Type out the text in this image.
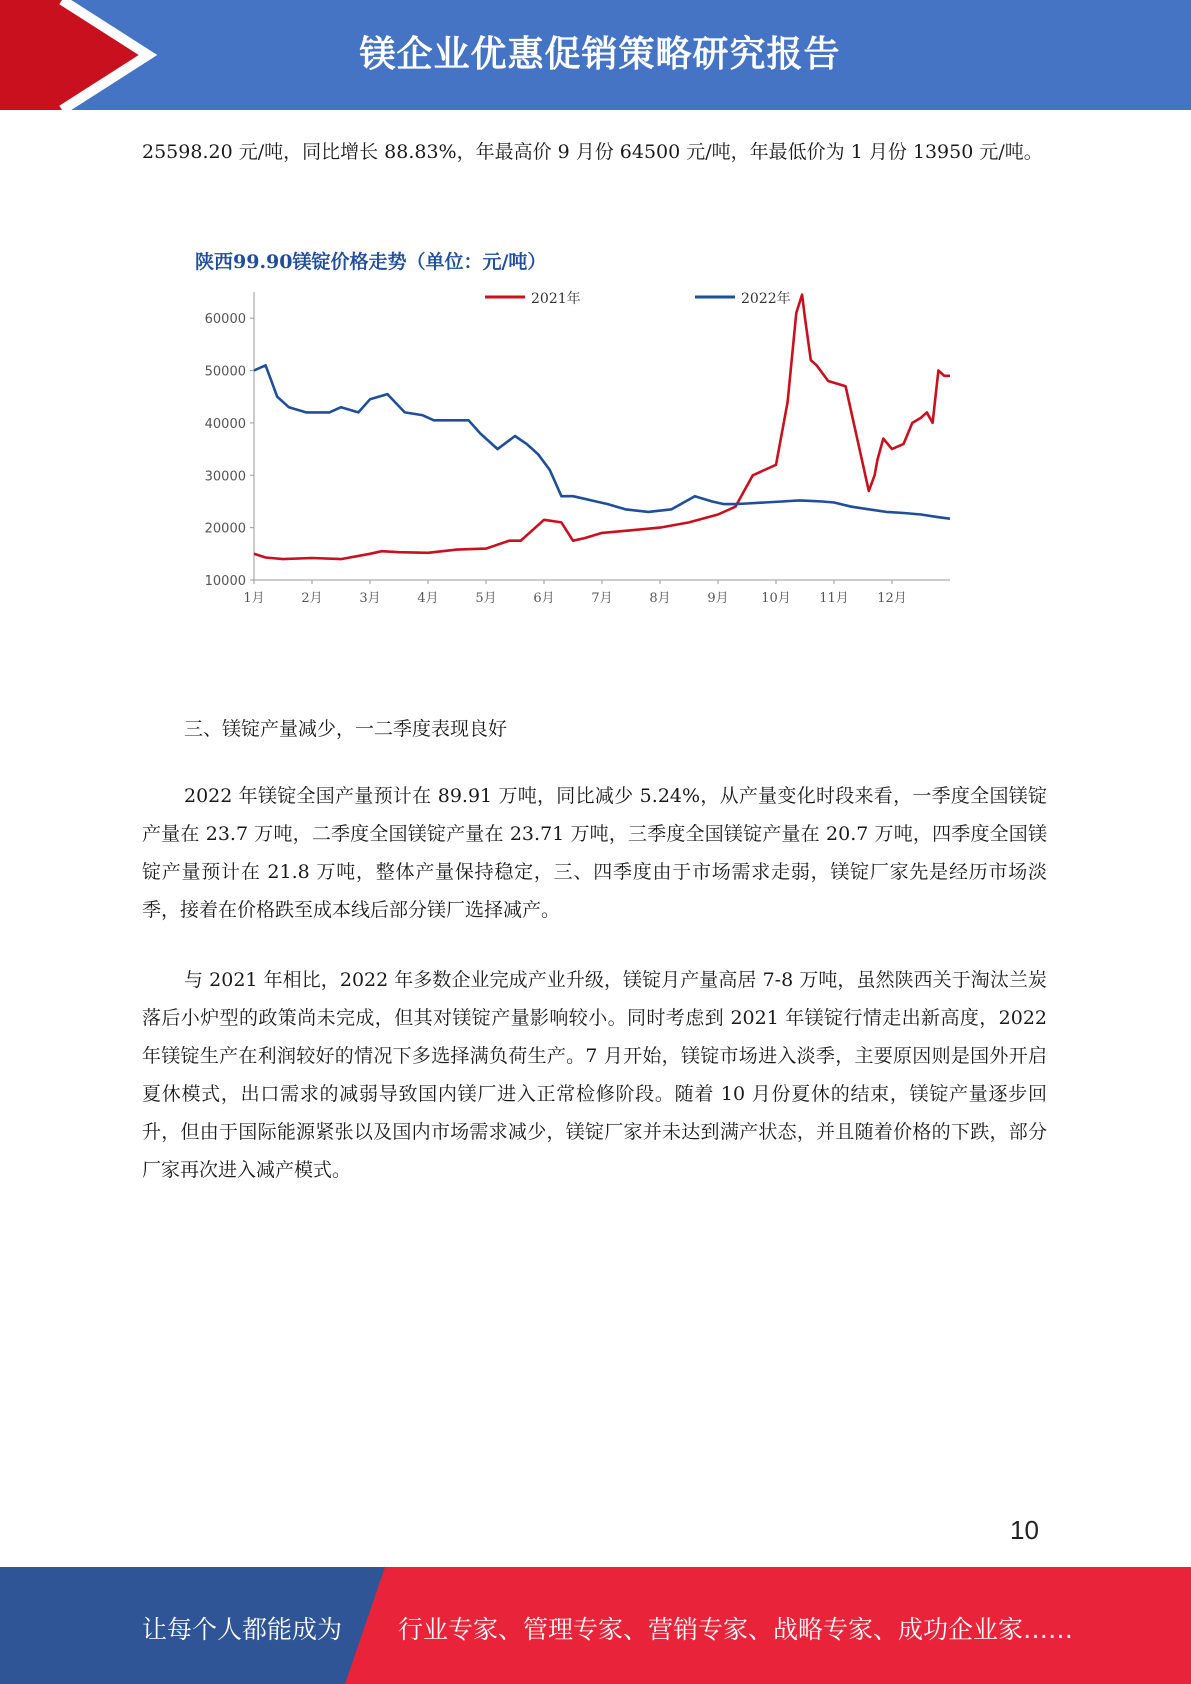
镁企业优惠促销策略研究报告

25598.20 元/吨，同比增长 88.83%，年最高价 9 月份 64500 元/吨，年最低价为 1 月份 13950 元/吨。

陕西99.90镁锭价格走势（单位：元/吨）
2021年	2022年
10000
20000
30000
40000
50000
60000
1月	2月	3月	4月	5月	6月	7月	8月	9月	10月 11月 12月

三、镁锭产量减少，一二季度表现良好

2022 年镁锭全国产量预计在 89.91 万吨，同比减少 5.24%，从产量变化时段来看，一季度全国镁锭产量在 23.7 万吨，二季度全国镁锭产量在 23.71 万吨，三季度全国镁锭产量在 20.7 万吨，四季度全国镁锭产量预计在 21.8 万吨，整体产量保持稳定，三、四季度由于市场需求走弱，镁锭厂家先是经历市场淡季，接着在价格跌至成本线后部分镁厂选择减产。

与 2021 年相比，2022 年多数企业完成产业升级，镁锭月产量高居 7-8 万吨，虽然陕西关于淘汰兰炭落后小炉型的政策尚未完成，但其对镁锭产量影响较小。同时考虑到 2021 年镁锭行情走出新高度，2022 年镁锭生产在利润较好的情况下多选择满负荷生产。7 月开始，镁锭市场进入淡季，主要原因则是国外开启夏休模式，出口需求的减弱导致国内镁厂进入正常检修阶段。随着 10 月份夏休的结束，镁锭产量逐步回升，但由于国际能源紧张以及国内市场需求减少，镁锭厂家并未达到满产状态，并且随着价格的下跌，部分厂家再次进入减产模式。

10
让每个人都能成为 行业专家、管理专家、营销专家、战略专家、成功企业家……
